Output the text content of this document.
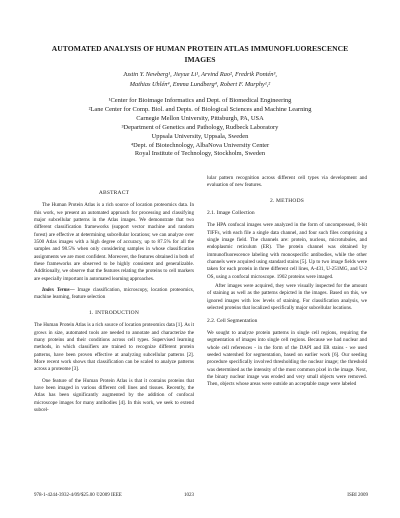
AUTOMATED ANALYSIS OF HUMAN PROTEIN ATLAS IMMUNOFLUORESCENCE
IMAGES
Justin Y. Newberg¹, Jieyue Li¹, Arvind Rao², Fredrik Pontén³,
Mathias Uhlén⁴, Emma Lundberg⁴, Robert F. Murphy¹,²
¹Center for Bioimage Informatics and Dept. of Biomedical Engineering
²Lane Center for Comp. Biol. and Depts. of Biological Sciences and Machine Learning
Carnegie Mellon University, Pittsburgh, PA, USA
³Department of Genetics and Pathology, Rudbeck Laboratory
Uppsala University, Uppsala, Sweden
⁴Dept. of Biotechnology, AlbaNova University Center
Royal Institute of Technology, Stockholm, Sweden
ABSTRACT

The Human Protein Atlas is a rich source of location proteomics data. In this work, we present an automated approach for processing and classifying major subcellular patterns in the Atlas images. We demonstrate that two different classification frameworks (support vector machine and random forest) are effective at determining subcellular locations; we can analyze over 3500 Atlas images with a high degree of accuracy, up to 87.5% for all the samples and 98.5% when only considering samples in whose classification assignments we are most confident. Moreover, the features obtained in both of these frameworks are observed to be highly consistent and generalizable. Additionally, we observe that the features relating the proteins to cell markers are especially important in automated learning approaches.

Index Terms— Image classification, microscopy, location proteomics, machine learning, feature selection

1. INTRODUCTION

The Human Protein Atlas is a rich source of location proteomics data [1]. As it grows in size, automated tools are needed to annotate and characterize the many proteins and their conditions across cell types. Supervised learning methods, in which classifiers are trained to recognize different protein patterns, have been proven effective at analyzing subcellular patterns [2]. More recent work shows that classification can be scaled to analyze patterns across a proteome [3].

One feature of the Human Protein Atlas is that it contains proteins that have been imaged in various different cell lines and tissues. Recently, the Atlas has been significantly augmented by the addition of confocal microscope images for many antibodies [4]. In this work, we seek to extend subcel-

lular pattern recognition across different cell types via development and evaluation of new features.

2. METHODS
2.1. Image Collection

The HPA confocal images were analyzed in the form of uncompressed, 8-bit TIFFs, with each file a single data channel, and four such files comprising a single image field. The channels are: protein, nucleus, microtubules, and endoplasmic reticulum (ER). The protein channel was obtained by immunofluorescence labeling with monospecific antibodies, while the other channels were acquired using standard stains [5]. Up to two image fields were taken for each protein in three different cell lines, A-431, U-251MG, and U-2 OS, using a confocal microscope. 1902 proteins were imaged.

After images were acquired, they were visually inspected for the amount of staining as well as the patterns depicted in the images. Based on this, we ignored images with low levels of staining. For classification analysis, we selected proteins that localized specifically major subcellular locations.

2.2. Cell Segmentation

We sought to analyze protein patterns in single cell regions, requiring the segmentation of images into single cell regions. Because we had nuclear and whole cell references - in the form of the DAPI and ER stains - we used seeded watershed for segmentation, based on earlier work [6]. Our seeding procedure specifically involved thresholding the nuclear image; the threshold was determined as the intensity of the most common pixel in the image. Next, the binary nuclear image was eroded and very small objects were removed. Then, objects whose areas were outside an acceptable range were labeled

978-1-4244-3932-4/09/$25.00 ©2009 IEEE	1023	ISBI 2009
